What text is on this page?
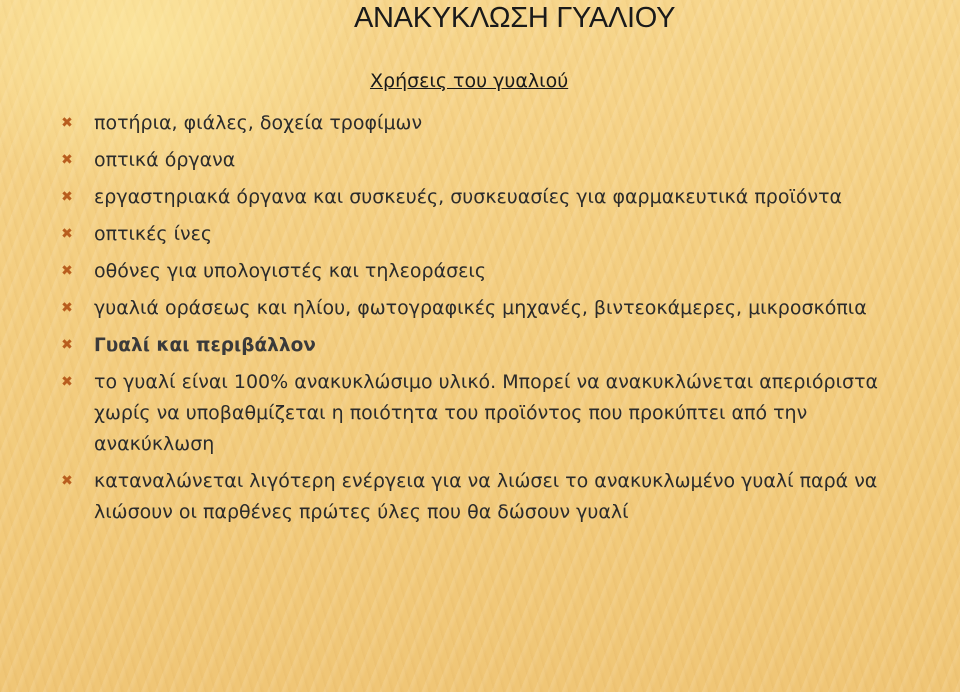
ΑΝΑΚΥΚΛΩΣΗ ΓΥΑΛΙΟΥ
Χρήσεις του γυαλιού
✖ ποτήρια, φιάλες, δοχεία τροφίμων
✖ οπτικά όργανα
✖ εργαστηριακά όργανα και συσκευές, συσκευασίες για φαρμακευτικά προϊόντα
✖ οπτικές ίνες
✖ οθόνες για υπολογιστές και τηλεοράσεις
✖ γυαλιά οράσεως και ηλίου, φωτογραφικές μηχανές, βιντεοκάμερες, μικροσκόπια
✖ Γυαλί και περιβάλλον
✖ το γυαλί είναι 100% ανακυκλώσιμο υλικό. Μπορεί να ανακυκλώνεται απεριόριστα χωρίς να υποβαθμίζεται η ποιότητα του προϊόντος που προκύπτει από την ανακύκλωση
✖ καταναλώνεται λιγότερη ενέργεια για να λιώσει το ανακυκλωμένο γυαλί παρά να λιώσουν οι παρθένες πρώτες ύλες που θα δώσουν γυαλί
